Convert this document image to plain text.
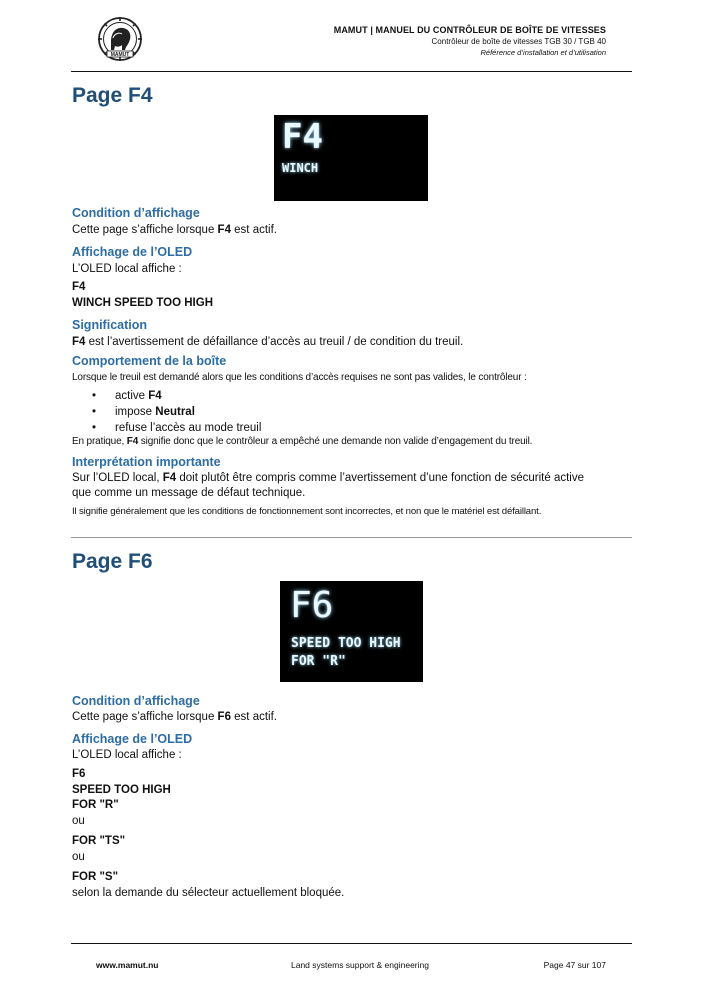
MAMUT
MAMUT | MANUEL DU CONTRÔLEUR DE BOÎTE DE VITESSES
Contrôleur de boîte de vitesses TGB 30 / TGB 40
Référence d’installation et d’utilisation
Page F4
F4
WINCH
Condition d’affichage
Cette page s’affiche lorsque F4 est actif.
Affichage de l’OLED
L’OLED local affiche :
F4
WINCH SPEED TOO HIGH
Signification
F4 est l’avertissement de défaillance d’accès au treuil / de condition du treuil.
Comportement de la boîte
Lorsque le treuil est demandé alors que les conditions d’accès requises ne sont pas valides, le contrôleur :
• active F4
• impose Neutral
• refuse l’accès au mode treuil
En pratique, F4 signifie donc que le contrôleur a empêché une demande non valide d’engagement du treuil.
Interprétation importante
Sur l’OLED local, F4 doit plutôt être compris comme l’avertissement d’une fonction de sécurité active
que comme un message de défaut technique.
Il signifie généralement que les conditions de fonctionnement sont incorrectes, et non que le matériel est défaillant.
Page F6
F6
SPEED TOO HIGH
FOR "R"
Condition d’affichage
Cette page s’affiche lorsque F6 est actif.
Affichage de l’OLED
L’OLED local affiche :
F6
SPEED TOO HIGH
FOR "R"
ou
FOR "TS"
ou
FOR "S"
selon la demande du sélecteur actuellement bloquée.
www.mamut.nu	Land systems support & engineering	Page 47 sur 107
